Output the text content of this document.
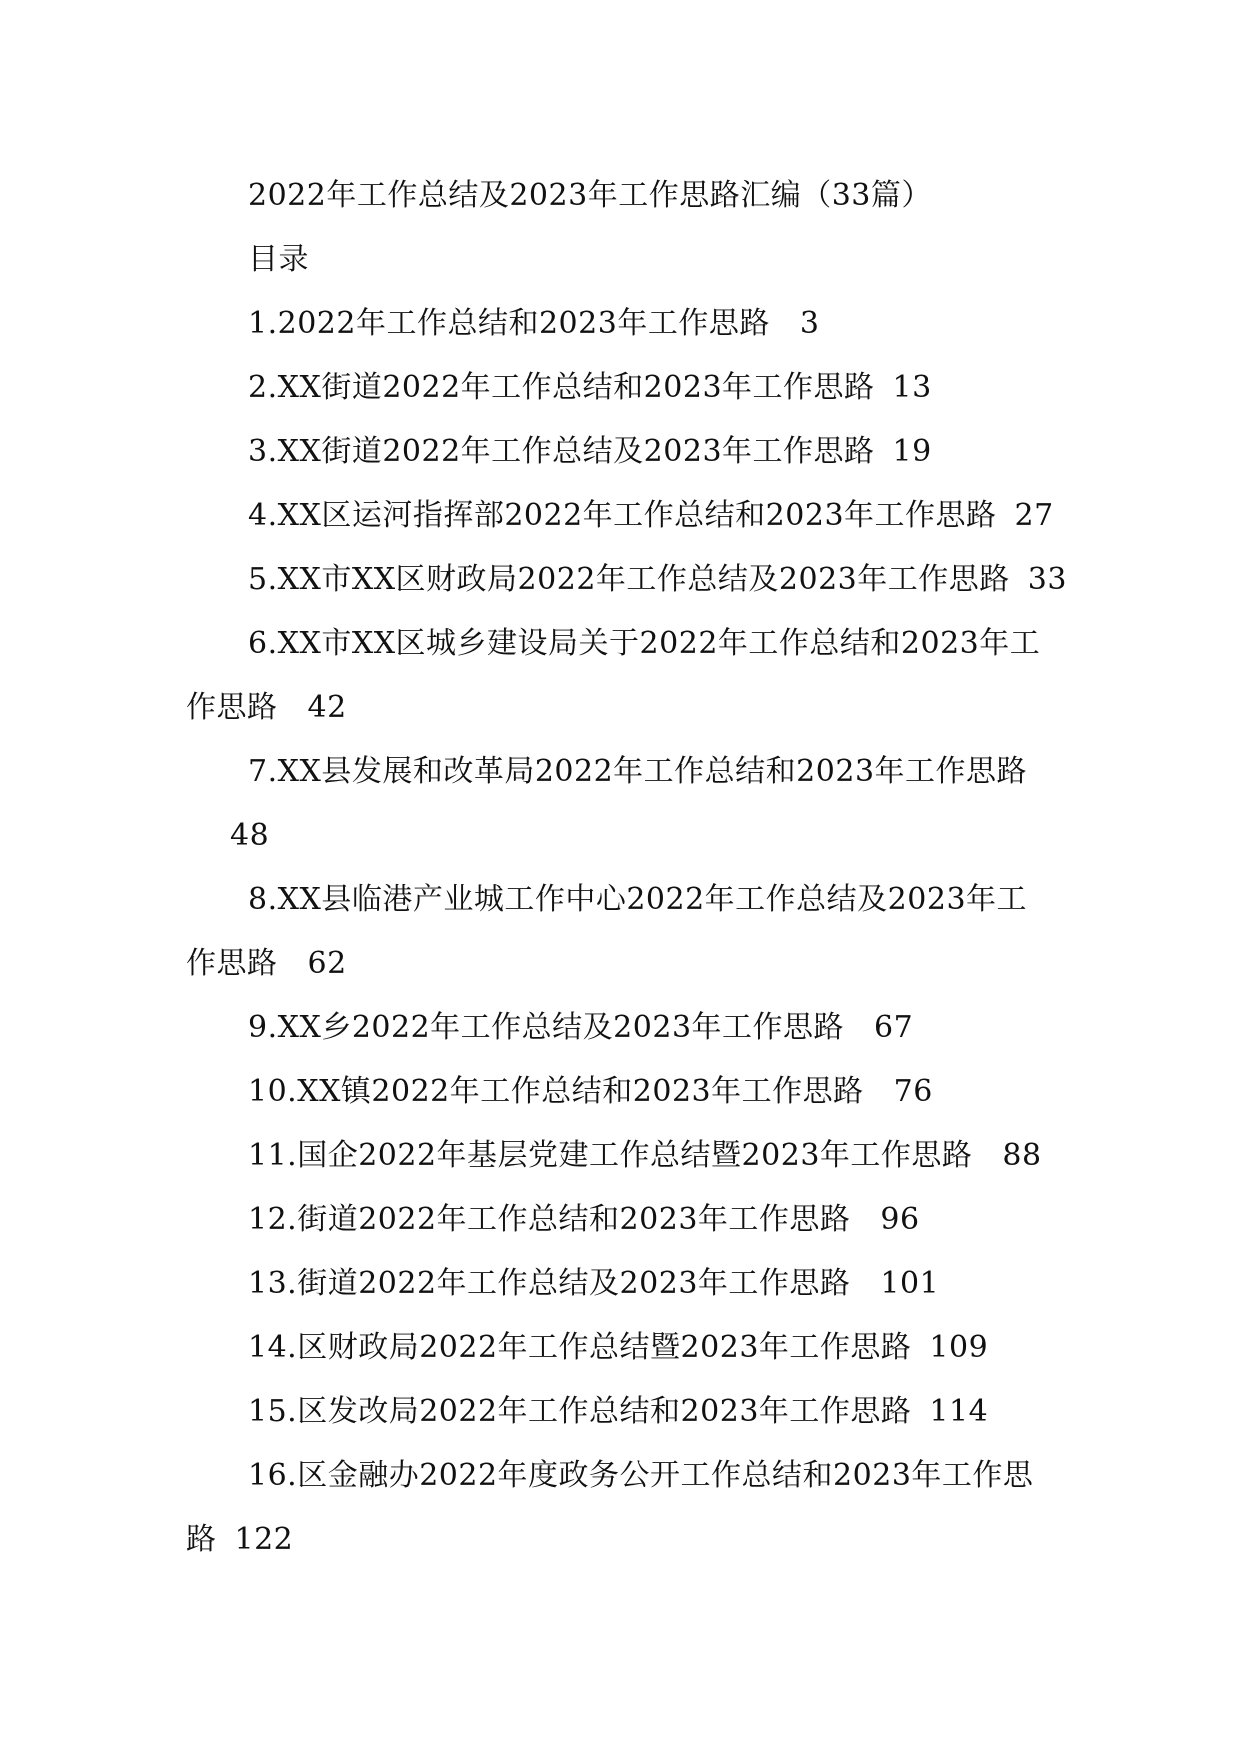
2022年工作总结及2023年工作思路汇编（33篇）
目录
1.2022年工作总结和2023年工作思路 3
2.XX街道2022年工作总结和2023年工作思路 13
3.XX街道2022年工作总结及2023年工作思路 19
4.XX区运河指挥部2022年工作总结和2023年工作思路 27
5.XX市XX区财政局2022年工作总结及2023年工作思路 33
6.XX市XX区城乡建设局关于2022年工作总结和2023年工
作思路 42
7.XX县发展和改革局2022年工作总结和2023年工作思路
48
8.XX县临港产业城工作中心2022年工作总结及2023年工
作思路 62
9.XX乡2022年工作总结及2023年工作思路 67
10.XX镇2022年工作总结和2023年工作思路 76
11.国企2022年基层党建工作总结暨2023年工作思路 88
12.街道2022年工作总结和2023年工作思路 96
13.街道2022年工作总结及2023年工作思路 101
14.区财政局2022年工作总结暨2023年工作思路 109
15.区发改局2022年工作总结和2023年工作思路 114
16.区金融办2022年度政务公开工作总结和2023年工作思
路 122
